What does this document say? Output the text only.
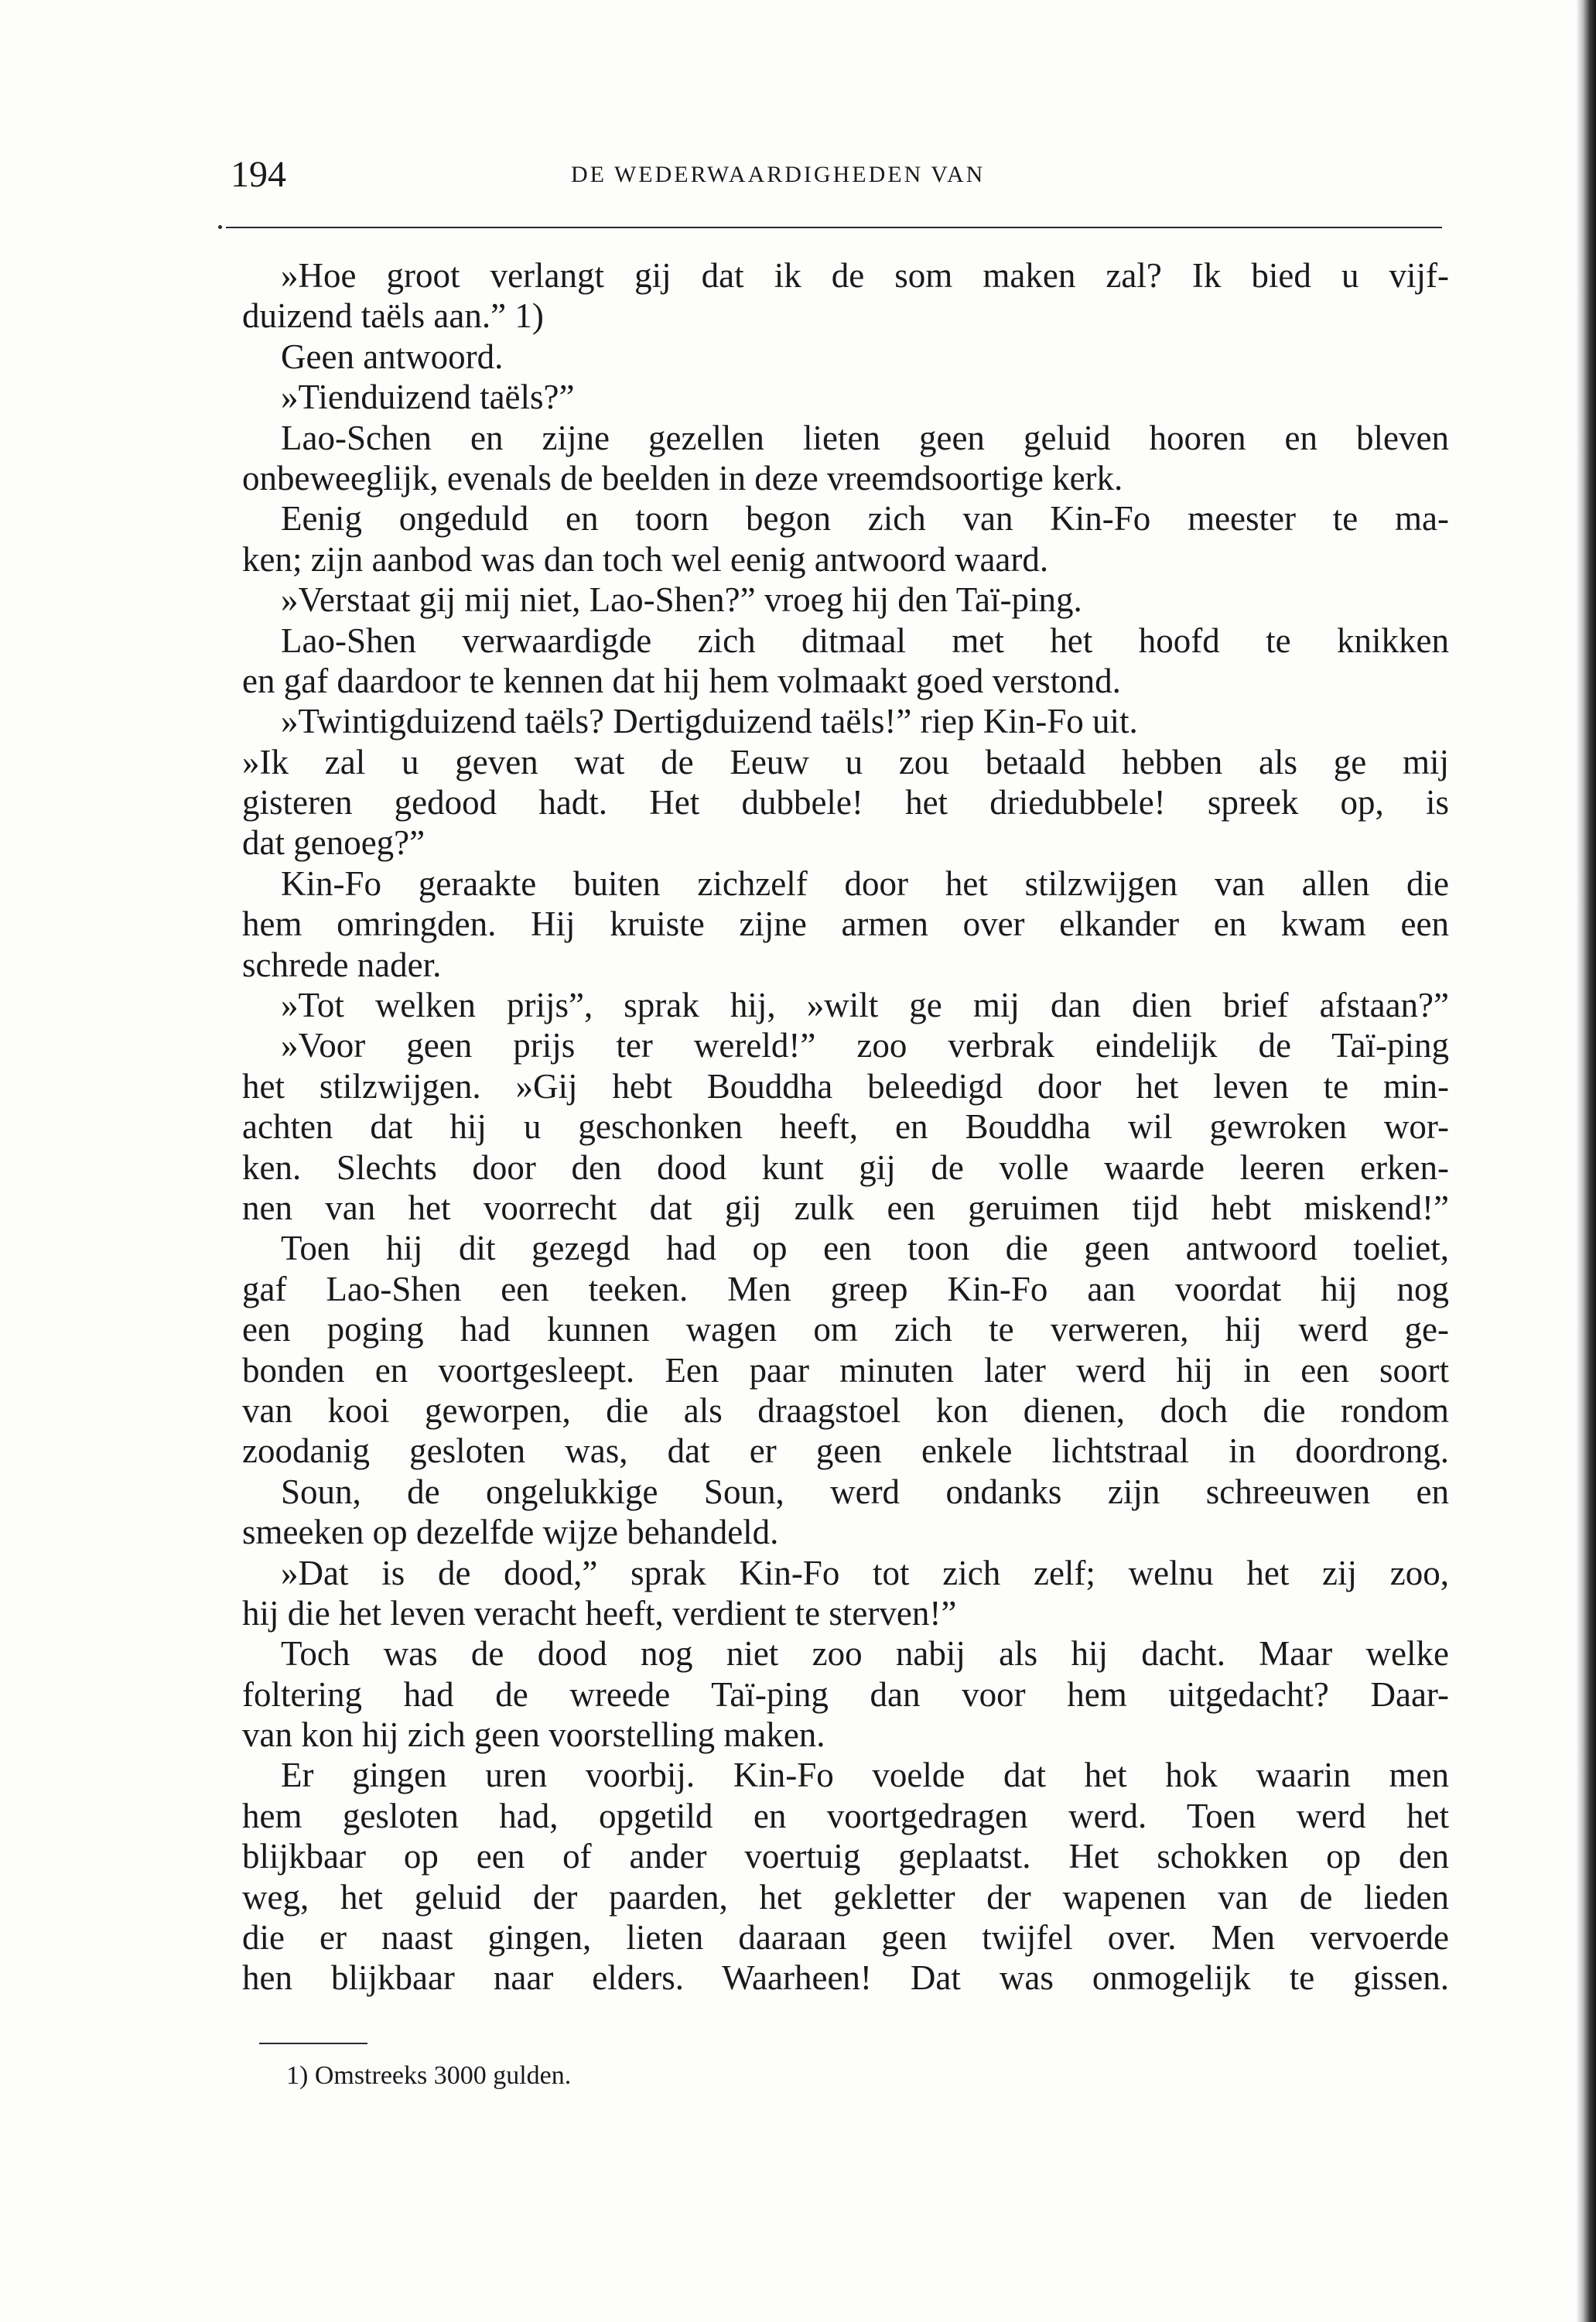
194	DE WEDERWAARDIGHEDEN VAN
»Hoe groot verlangt gij dat ik de som maken zal? Ik bied u vijf-
duizend taëls aan.” 1)
Geen antwoord.
»Tienduizend taëls?”
Lao-Schen en zijne gezellen lieten geen geluid hooren en bleven
onbeweeglijk, evenals de beelden in deze vreemdsoortige kerk.
Eenig ongeduld en toorn begon zich van Kin-Fo meester te ma-
ken; zijn aanbod was dan toch wel eenig antwoord waard.
»Verstaat gij mij niet, Lao-Shen?” vroeg hij den Taï-ping.
Lao-Shen verwaardigde zich ditmaal met het hoofd te knikken
en gaf daardoor te kennen dat hij hem volmaakt goed verstond.
»Twintigduizend taëls? Dertigduizend taëls!” riep Kin-Fo uit.
»Ik zal u geven wat de Eeuw u zou betaald hebben als ge mij
gisteren gedood hadt. Het dubbele! het driedubbele! spreek op, is
dat genoeg?”
Kin-Fo geraakte buiten zichzelf door het stilzwijgen van allen die
hem omringden. Hij kruiste zijne armen over elkander en kwam een
schrede nader.
»Tot welken prijs”, sprak hij, »wilt ge mij dan dien brief afstaan?”
»Voor geen prijs ter wereld!” zoo verbrak eindelijk de Taï-ping
het stilzwijgen. »Gij hebt Bouddha beleedigd door het leven te min-
achten dat hij u geschonken heeft, en Bouddha wil gewroken wor-
ken. Slechts door den dood kunt gij de volle waarde leeren erken-
nen van het voorrecht dat gij zulk een geruimen tijd hebt miskend!”
Toen hij dit gezegd had op een toon die geen antwoord toeliet,
gaf Lao-Shen een teeken. Men greep Kin-Fo aan voordat hij nog
een poging had kunnen wagen om zich te verweren, hij werd ge-
bonden en voortgesleept. Een paar minuten later werd hij in een soort
van kooi geworpen, die als draagstoel kon dienen, doch die rondom
zoodanig gesloten was, dat er geen enkele lichtstraal in doordrong.
Soun, de ongelukkige Soun, werd ondanks zijn schreeuwen en
smeeken op dezelfde wijze behandeld.
»Dat is de dood,” sprak Kin-Fo tot zich zelf; welnu het zij zoo,
hij die het leven veracht heeft, verdient te sterven!”
Toch was de dood nog niet zoo nabij als hij dacht. Maar welke
foltering had de wreede Taï-ping dan voor hem uitgedacht? Daar-
van kon hij zich geen voorstelling maken.
Er gingen uren voorbij. Kin-Fo voelde dat het hok waarin men
hem gesloten had, opgetild en voortgedragen werd. Toen werd het
blijkbaar op een of ander voertuig geplaatst. Het schokken op den
weg, het geluid der paarden, het gekletter der wapenen van de lieden
die er naast gingen, lieten daaraan geen twijfel over. Men vervoerde
hen blijkbaar naar elders. Waarheen! Dat was onmogelijk te gissen.
1) Omstreeks 3000 gulden.
